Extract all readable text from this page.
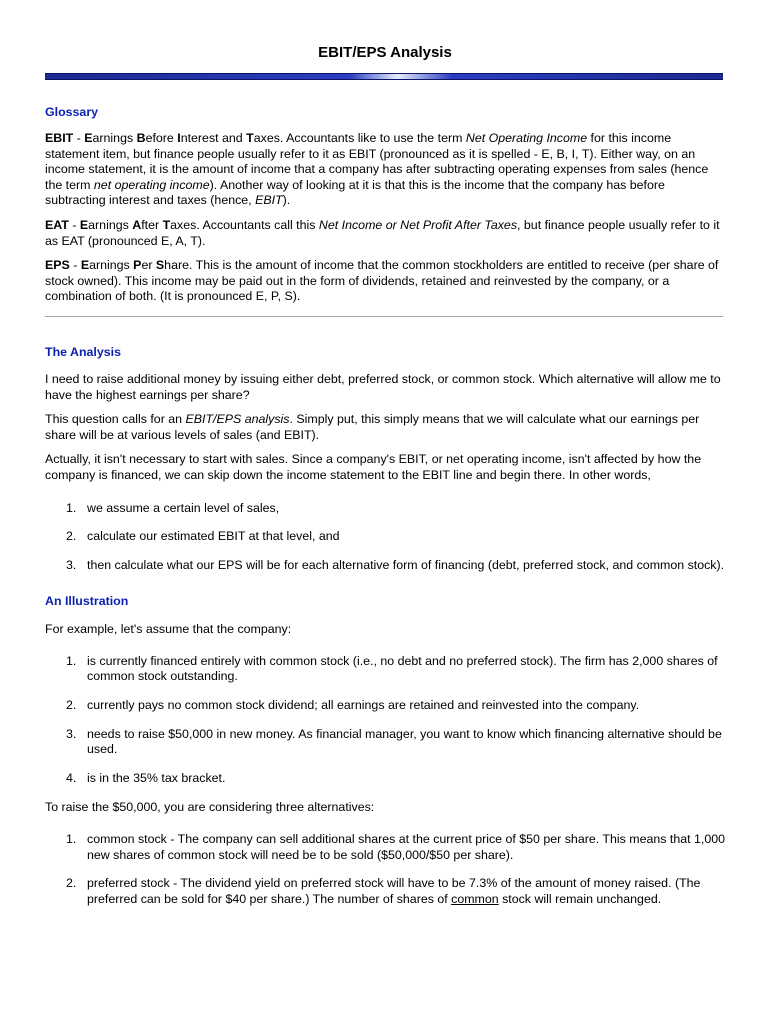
EBIT/EPS Analysis
Glossary

EBIT - Earnings Before Interest and Taxes. Accountants like to use the term Net Operating Income for this income statement item, but finance people usually refer to it as EBIT (pronounced as it is spelled - E, B, I, T). Either way, on an income statement, it is the amount of income that a company has after subtracting operating expenses from sales (hence the term net operating income). Another way of looking at it is that this is the income that the company has before subtracting interest and taxes (hence, EBIT).

EAT - Earnings After Taxes. Accountants call this Net Income or Net Profit After Taxes, but finance people usually refer to it as EAT (pronounced E, A, T).

EPS - Earnings Per Share. This is the amount of income that the common stockholders are entitled to receive (per share of stock owned). This income may be paid out in the form of dividends, retained and reinvested by the company, or a combination of both. (It is pronounced E, P, S).

The Analysis

I need to raise additional money by issuing either debt, preferred stock, or common stock. Which alternative will allow me to have the highest earnings per share?

This question calls for an EBIT/EPS analysis. Simply put, this simply means that we will calculate what our earnings per share will be at various levels of sales (and EBIT).

Actually, it isn't necessary to start with sales. Since a company's EBIT, or net operating income, isn't affected by how the company is financed, we can skip down the income statement to the EBIT line and begin there. In other words,

1. we assume a certain level of sales,
2. calculate our estimated EBIT at that level, and
3. then calculate what our EPS will be for each alternative form of financing (debt, preferred stock, and common stock).
An Illustration

For example, let's assume that the company:

1. is currently financed entirely with common stock (i.e., no debt and no preferred stock). The firm has 2,000 shares of common stock outstanding.
2. currently pays no common stock dividend; all earnings are retained and reinvested into the company.
3. needs to raise $50,000 in new money. As financial manager, you want to know which financing alternative should be used.
4. is in the 35% tax bracket.

To raise the $50,000, you are considering three alternatives:

1. common stock - The company can sell additional shares at the current price of $50 per share. This means that 1,000 new shares of common stock will need be to be sold ($50,000/$50 per share).
2. preferred stock - The dividend yield on preferred stock will have to be 7.3% of the amount of money raised. (The preferred can be sold for $40 per share.) The number of shares of common stock will remain unchanged.
